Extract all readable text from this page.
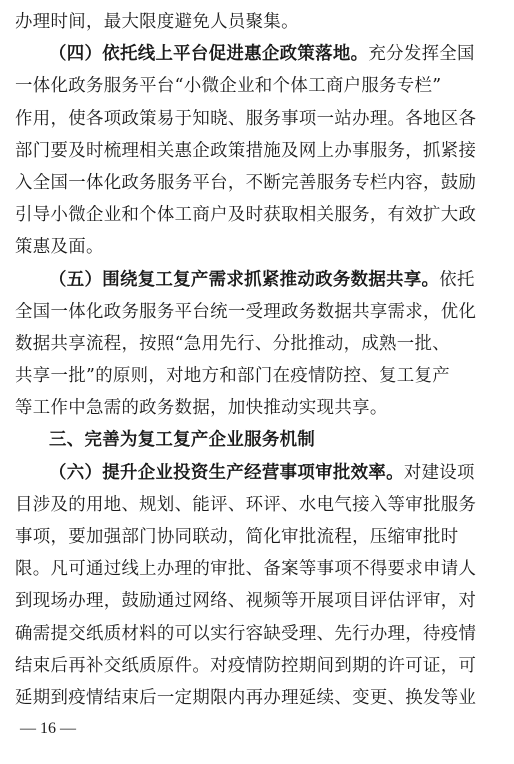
办理时间，最大限度避免人员聚集。
（四）依托线上平台促进惠企政策落地。充分发挥全国
一体化政务服务平台“小微企业和个体工商户服务专栏”
作用，使各项政策易于知晓、服务事项一站办理。各地区各
部门要及时梳理相关惠企政策措施及网上办事服务，抓紧接
入全国一体化政务服务平台，不断完善服务专栏内容，鼓励
引导小微企业和个体工商户及时获取相关服务，有效扩大政
策惠及面。
（五）围绕复工复产需求抓紧推动政务数据共享。依托
全国一体化政务服务平台统一受理政务数据共享需求，优化
数据共享流程，按照“急用先行、分批推动，成熟一批、
共享一批”的原则，对地方和部门在疫情防控、复工复产
等工作中急需的政务数据，加快推动实现共享。
三、完善为复工复产企业服务机制
（六）提升企业投资生产经营事项审批效率。对建设项
目涉及的用地、规划、能评、环评、水电气接入等审批服务
事项，要加强部门协同联动，简化审批流程，压缩审批时
限。凡可通过线上办理的审批、备案等事项不得要求申请人
到现场办理，鼓励通过网络、视频等开展项目评估评审，对
确需提交纸质材料的可以实行容缺受理、先行办理，待疫情
结束后再补交纸质原件。对疫情防控期间到期的许可证，可
延期到疫情结束后一定期限内再办理延续、变更、换发等业
— 16 —
